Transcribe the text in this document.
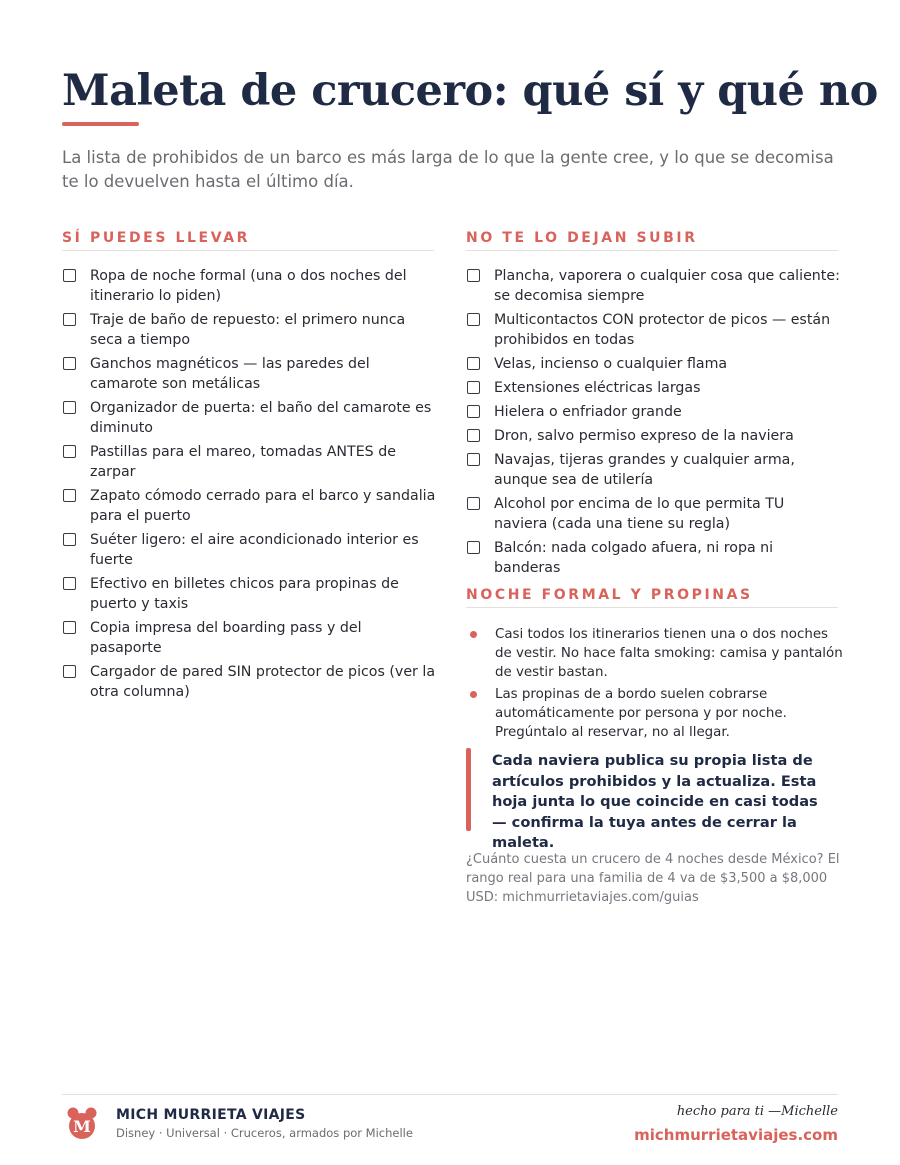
Maleta de crucero: qué sí y qué no

La lista de prohibidos de un barco es más larga de lo que la gente cree, y lo que se decomisa te lo devuelven hasta el último día.

SÍ PUEDES LLEVAR
Ropa de noche formal (una o dos noches del itinerario lo piden)
Traje de baño de repuesto: el primero nunca seca a tiempo
Ganchos magnéticos — las paredes del camarote son metálicas
Organizador de puerta: el baño del camarote es diminuto
Pastillas para el mareo, tomadas ANTES de zarpar
Zapato cómodo cerrado para el barco y sandalia para el puerto
Suéter ligero: el aire acondicionado interior es fuerte
Efectivo en billetes chicos para propinas de puerto y taxis
Copia impresa del boarding pass y del pasaporte
Cargador de pared SIN protector de picos (ver la otra columna)
NO TE LO DEJAN SUBIR
Plancha, vaporera o cualquier cosa que caliente: se decomisa siempre
Multicontactos CON protector de picos — están prohibidos en todas
Velas, incienso o cualquier flama
Extensiones eléctricas largas
Hielera o enfriador grande
Dron, salvo permiso expreso de la naviera
Navajas, tijeras grandes y cualquier arma, aunque sea de utilería
Alcohol por encima de lo que permita TU naviera (cada una tiene su regla)
Balcón: nada colgado afuera, ni ropa ni banderas
NOCHE FORMAL Y PROPINAS
Casi todos los itinerarios tienen una o dos noches de vestir. No hace falta smoking: camisa y pantalón de vestir bastan.
Las propinas de a bordo suelen cobrarse automáticamente por persona y por noche. Pregúntalo al reservar, no al llegar.

Cada naviera publica su propia lista de artículos prohibidos y la actualiza. Esta hoja junta lo que coincide en casi todas — confirma la tuya antes de cerrar la maleta.

¿Cuánto cuesta un crucero de 4 noches desde México? El rango real para una familia de 4 va de $3,500 a $8,000 USD: michmurrietaviajes.com/guias

M
MICH MURRIETA VIAJES
Disney · Universal · Cruceros, armados por Michelle
hecho para ti —Michelle
michmurrietaviajes.com
